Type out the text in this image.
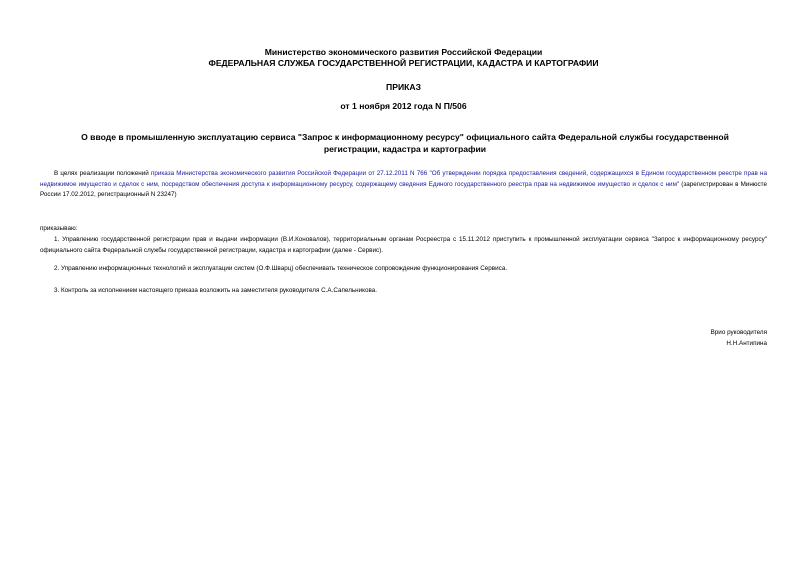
Министерство экономического развития Российской Федерации
ФЕДЕРАЛЬНАЯ СЛУЖБА ГОСУДАРСТВЕННОЙ РЕГИСТРАЦИИ, КАДАСТРА И КАРТОГРАФИИ
ПРИКАЗ
от 1 ноября 2012 года N П/506
О вводе в промышленную эксплуатацию сервиса "Запрос к информационному ресурсу" официального сайта Федеральной службы государственной регистрации, кадастра и картографии
В целях реализации положений приказа Министерства экономического развития Российской Федерации от 27.12.2011 N 766 "Об утверждении порядка предоставления сведений, содержащихся в Едином государственном реестре прав на недвижимое имущество и сделок с ним, посредством обеспечения доступа к информационному ресурсу, содержащему сведения Единого государственного реестра прав на недвижимое имущество и сделок с ним" (зарегистрирован в Минюсте России 17.02.2012, регистрационный N 23247)
приказываю:
1. Управлению государственной регистрации прав и выдачи информации (В.И.Коновалов), территориальным органам Росреестра с 15.11.2012 приступить к промышленной эксплуатации сервиса "Запрос к информационному ресурсу" официального сайта Федеральной службы государственной регистрации, кадастра и картографии (далее - Сервис).
2. Управлению информационных технологий и эксплуатации систем (О.Ф.Шварц) обеспечивать техническое сопровождение функционирования Сервиса.
3. Контроль за исполнением настоящего приказа возложить на заместителя руководителя С.А.Сапельникова.
Врио руководителя
Н.Н.Антипина
